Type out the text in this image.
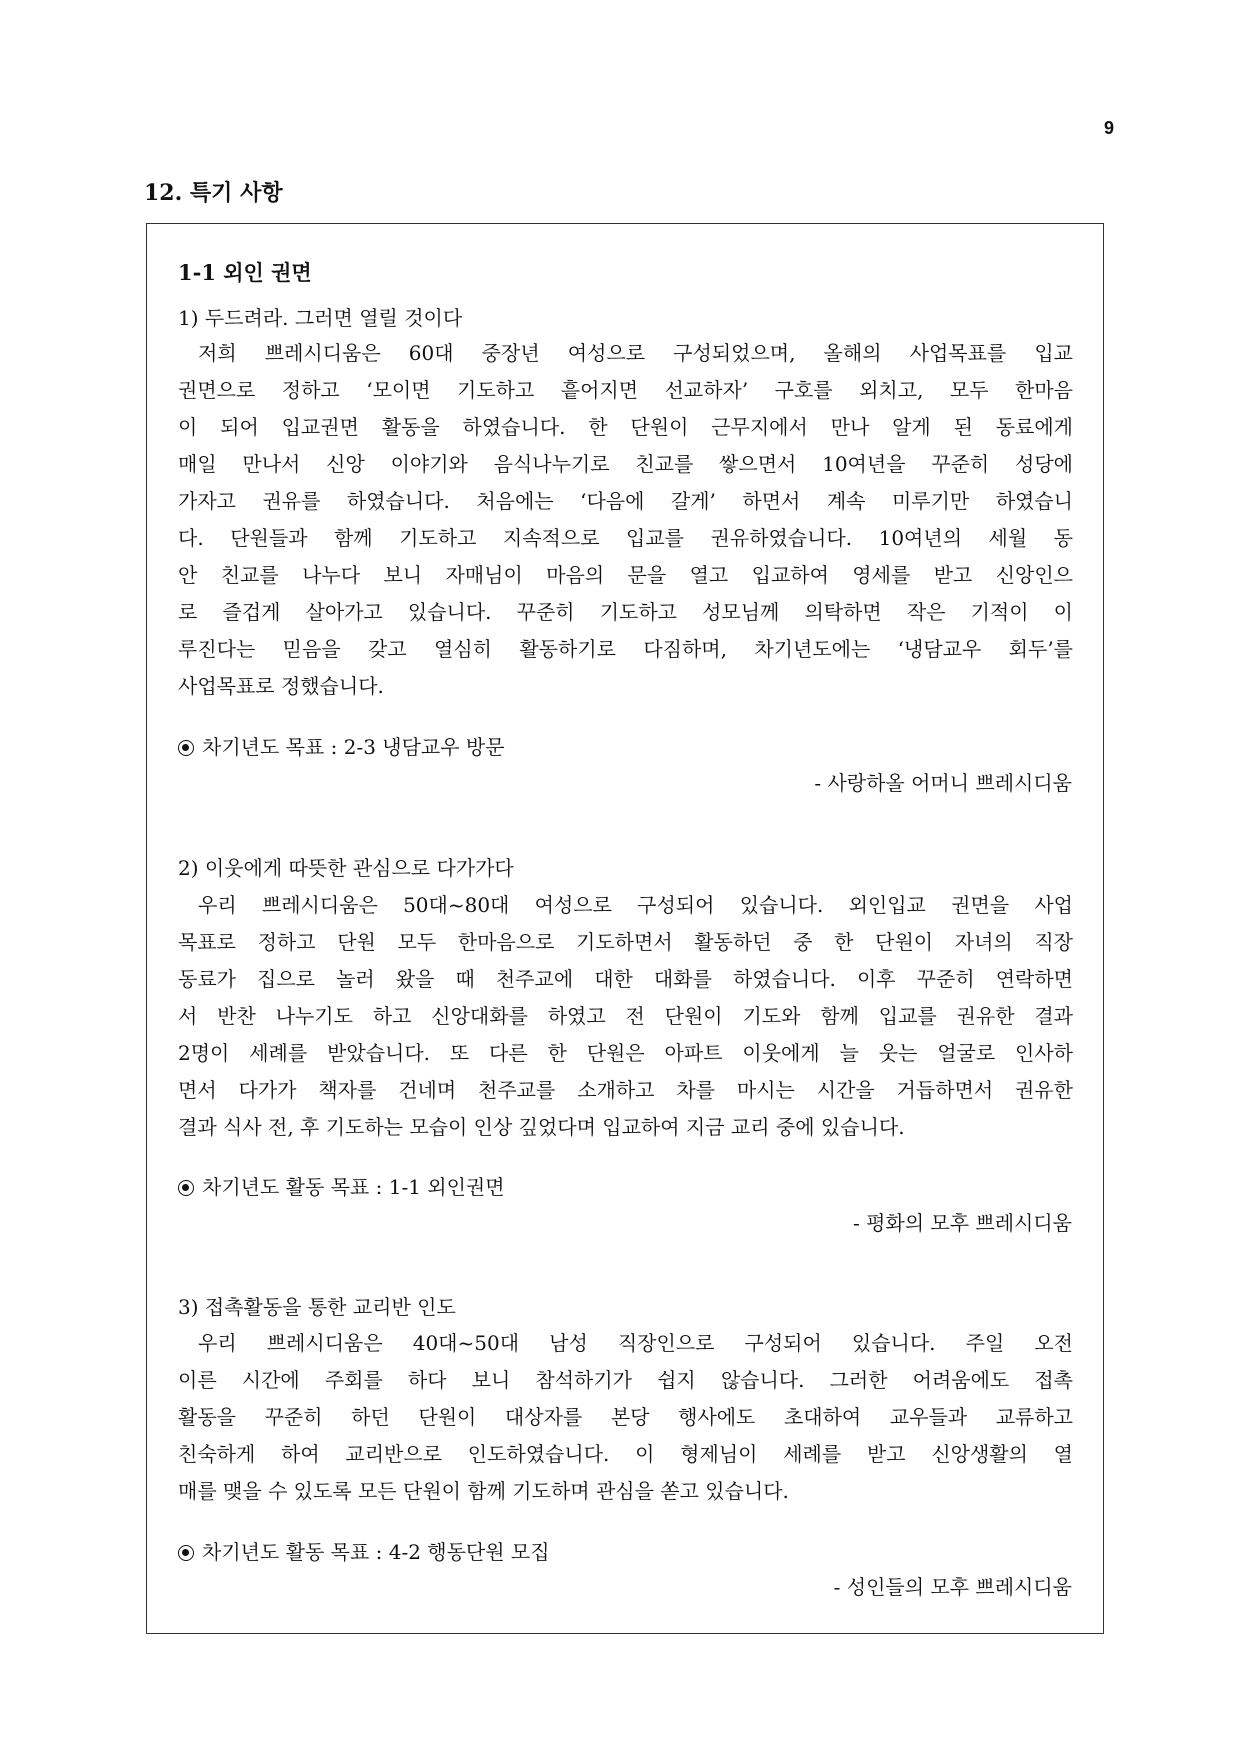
9
12. 특기 사항
1-1 외인 권면
1) 두드려라. 그러면 열릴 것이다
저희 쁘레시디움은 60대 중장년 여성으로 구성되었으며, 올해의 사업목표를 입교
권면으로 정하고 ‘모이면 기도하고 흩어지면 선교하자’ 구호를 외치고, 모두 한마음
이 되어 입교권면 활동을 하였습니다. 한 단원이 근무지에서 만나 알게 된 동료에게
매일 만나서 신앙 이야기와 음식나누기로 친교를 쌓으면서 10여년을 꾸준히 성당에
가자고 권유를 하였습니다. 처음에는 ‘다음에 갈게’ 하면서 계속 미루기만 하였습니
다. 단원들과 함께 기도하고 지속적으로 입교를 권유하였습니다. 10여년의 세월 동
안 친교를 나누다 보니 자매님이 마음의 문을 열고 입교하여 영세를 받고 신앙인으
로 즐겁게 살아가고 있습니다. 꾸준히 기도하고 성모님께 의탁하면 작은 기적이 이
루진다는 믿음을 갖고 열심히 활동하기로 다짐하며, 차기년도에는 ‘냉담교우 회두’를
사업목표로 정했습니다.
차기년도 목표 : 2-3 냉담교우 방문
- 사랑하올 어머니 쁘레시디움
2) 이웃에게 따뜻한 관심으로 다가가다
우리 쁘레시디움은 50대~80대 여성으로 구성되어 있습니다. 외인입교 권면을 사업
목표로 정하고 단원 모두 한마음으로 기도하면서 활동하던 중 한 단원이 자녀의 직장
동료가 집으로 놀러 왔을 때 천주교에 대한 대화를 하였습니다. 이후 꾸준히 연락하면
서 반찬 나누기도 하고 신앙대화를 하였고 전 단원이 기도와 함께 입교를 권유한 결과
2명이 세례를 받았습니다. 또 다른 한 단원은 아파트 이웃에게 늘 웃는 얼굴로 인사하
면서 다가가 책자를 건네며 천주교를 소개하고 차를 마시는 시간을 거듭하면서 권유한
결과 식사 전, 후 기도하는 모습이 인상 깊었다며 입교하여 지금 교리 중에 있습니다.
차기년도 활동 목표 : 1-1 외인권면
- 평화의 모후 쁘레시디움
3) 접촉활동을 통한 교리반 인도
우리 쁘레시디움은 40대~50대 남성 직장인으로 구성되어 있습니다. 주일 오전
이른 시간에 주회를 하다 보니 참석하기가 쉽지 않습니다. 그러한 어려움에도 접촉
활동을 꾸준히 하던 단원이 대상자를 본당 행사에도 초대하여 교우들과 교류하고
친숙하게 하여 교리반으로 인도하였습니다. 이 형제님이 세례를 받고 신앙생활의 열
매를 맺을 수 있도록 모든 단원이 함께 기도하며 관심을 쏟고 있습니다.
차기년도 활동 목표 : 4-2 행동단원 모집
- 성인들의 모후 쁘레시디움
